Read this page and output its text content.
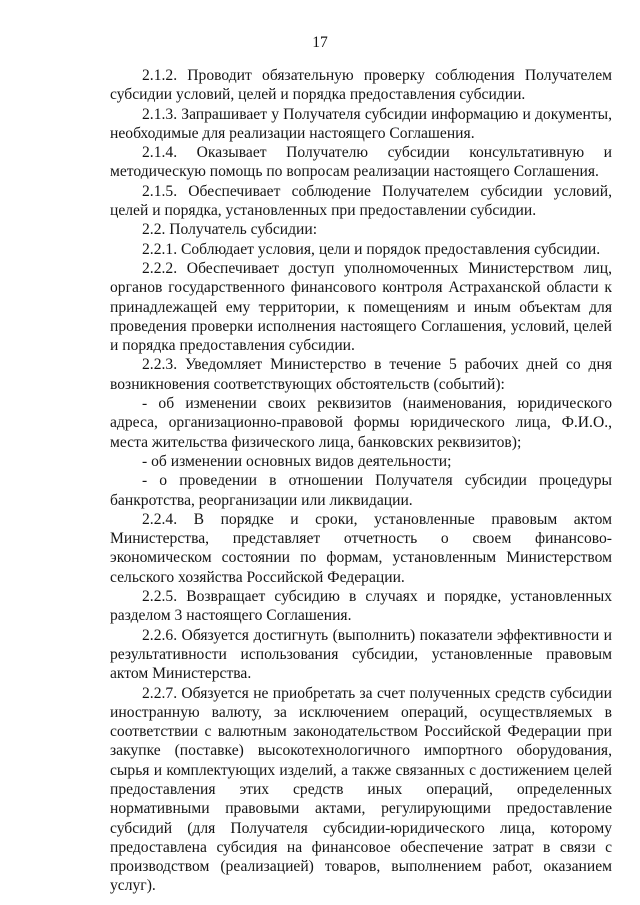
17

2.1.2. Проводит обязательную проверку соблюдения Получателем субсидии условий, целей и порядка предоставления субсидии.

2.1.3. Запрашивает у Получателя субсидии информацию и документы, необходимые для реализации настоящего Соглашения.

2.1.4. Оказывает Получателю субсидии консультативную и методическую помощь по вопросам реализации настоящего Соглашения.

2.1.5. Обеспечивает соблюдение Получателем субсидии условий, целей и порядка, установленных при предоставлении субсидии.

2.2. Получатель субсидии:

2.2.1. Соблюдает условия, цели и порядок предоставления субсидии.

2.2.2. Обеспечивает доступ уполномоченных Министерством лиц, органов государственного финансового контроля Астраханской области к принадлежащей ему территории, к помещениям и иным объектам для проведения проверки исполнения настоящего Соглашения, условий, целей и порядка предоставления субсидии.

2.2.3. Уведомляет Министерство в течение 5 рабочих дней со дня возникновения соответствующих обстоятельств (событий):

- об изменении своих реквизитов (наименования, юридического адреса, организационно-правовой формы юридического лица, Ф.И.О., места жительства физического лица, банковских реквизитов);

- об изменении основных видов деятельности;

- о проведении в отношении Получателя субсидии процедуры банкротства, реорганизации или ликвидации.

2.2.4. В порядке и сроки, установленные правовым актом Министерства, представляет отчетность о своем финансово-экономическом состоянии по формам, установленным Министерством сельского хозяйства Российской Федерации.

2.2.5. Возвращает субсидию в случаях и порядке, установленных разделом 3 настоящего Соглашения.

2.2.6. Обязуется достигнуть (выполнить) показатели эффективности и результативности использования субсидии, установленные правовым актом Министерства.

2.2.7. Обязуется не приобретать за счет полученных средств субсидии иностранную валюту, за исключением операций, осуществляемых в соответствии с валютным законодательством Российской Федерации при закупке (поставке) высокотехнологичного импортного оборудования, сырья и комплектующих изделий, а также связанных с достижением целей предоставления этих средств иных операций, определенных нормативными правовыми актами, регулирующими предоставление субсидий (для Получателя субсидии-юридического лица, которому предоставлена субсидия на финансовое обеспечение затрат в связи с производством (реализацией) товаров, выполнением работ, оказанием услуг).
